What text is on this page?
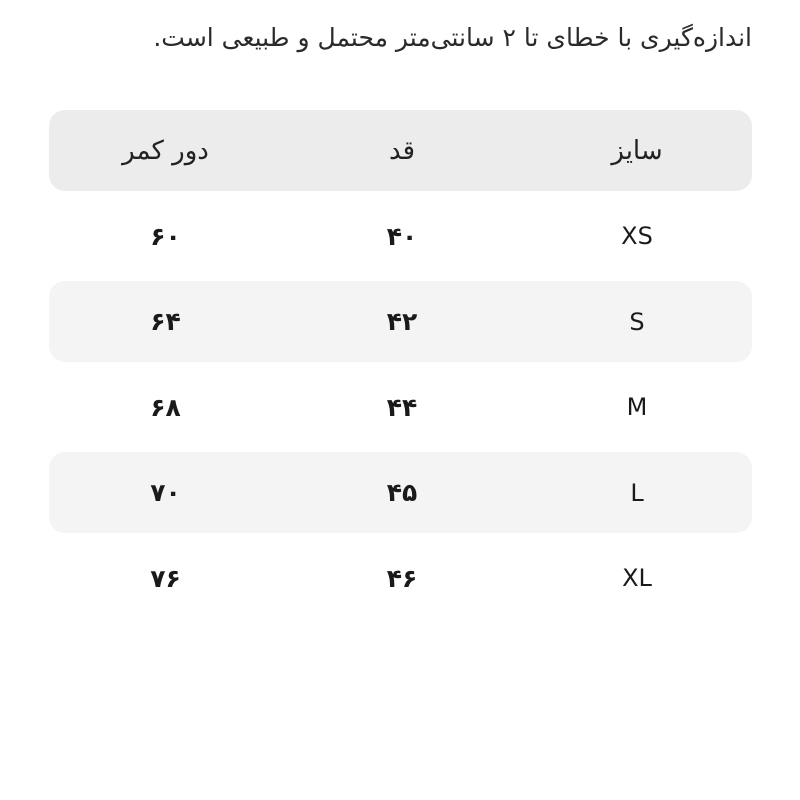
اندازه‌گیری با خطای تا ۲ سانتی‌متر محتمل و طبیعی است.
سایز
قد
دور کمر
XS
۴۰
۶۰
S
۴۲
۶۴
M
۴۴
۶۸
L
۴۵
۷۰
XL
۴۶
۷۶
